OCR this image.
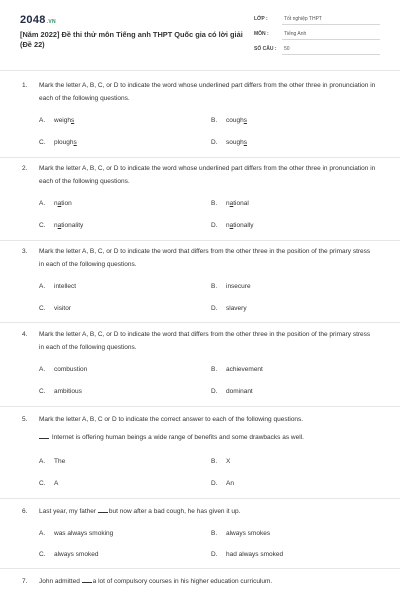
2048.VN
[Năm 2022] Đề thi thử môn Tiếng anh THPT Quốc gia có lời giải (Đề 22)
LỚP :	Tốt nghiệp THPT
MÔN :	Tiếng Anh
SỐ CÂU : 50
1. Mark the letter A, B, C, or D to indicate the word whose underlined part differs from the other three in pronunciation in each of the following questions.
A. weighs	B. coughs
C. ploughs	D. soughs
2. Mark the letter A, B, C, or D to indicate the word whose underlined part differs from the other three in pronunciation in each of the following questions.
A. nation	B. national
C. nationality	D. nationally
3. Mark the letter A, B, C, or D to indicate the word that differs from the other three in the position of the primary stress in each of the following questions.
A. intellect	B. insecure
C. visitor	D. slavery
4. Mark the letter A, B, C, or D to indicate the word that differs from the other three in the position of the primary stress in each of the following questions.
A. combustion	B. achievement
C. ambitious	D. dominant
5. Mark the letter A, B, C or D to indicate the correct answer to each of the following questions.
Internet is offering human beings a wide range of benefits and some drawbacks as well.
A. The	B. X
C. A	D. An
6. Last year, my father but now after a bad cough, he has given it up.
A. was always smoking	B. always smokes
C. always smoked	D. had always smoked
7. John admitted a lot of compulsory courses in his higher education curriculum.
